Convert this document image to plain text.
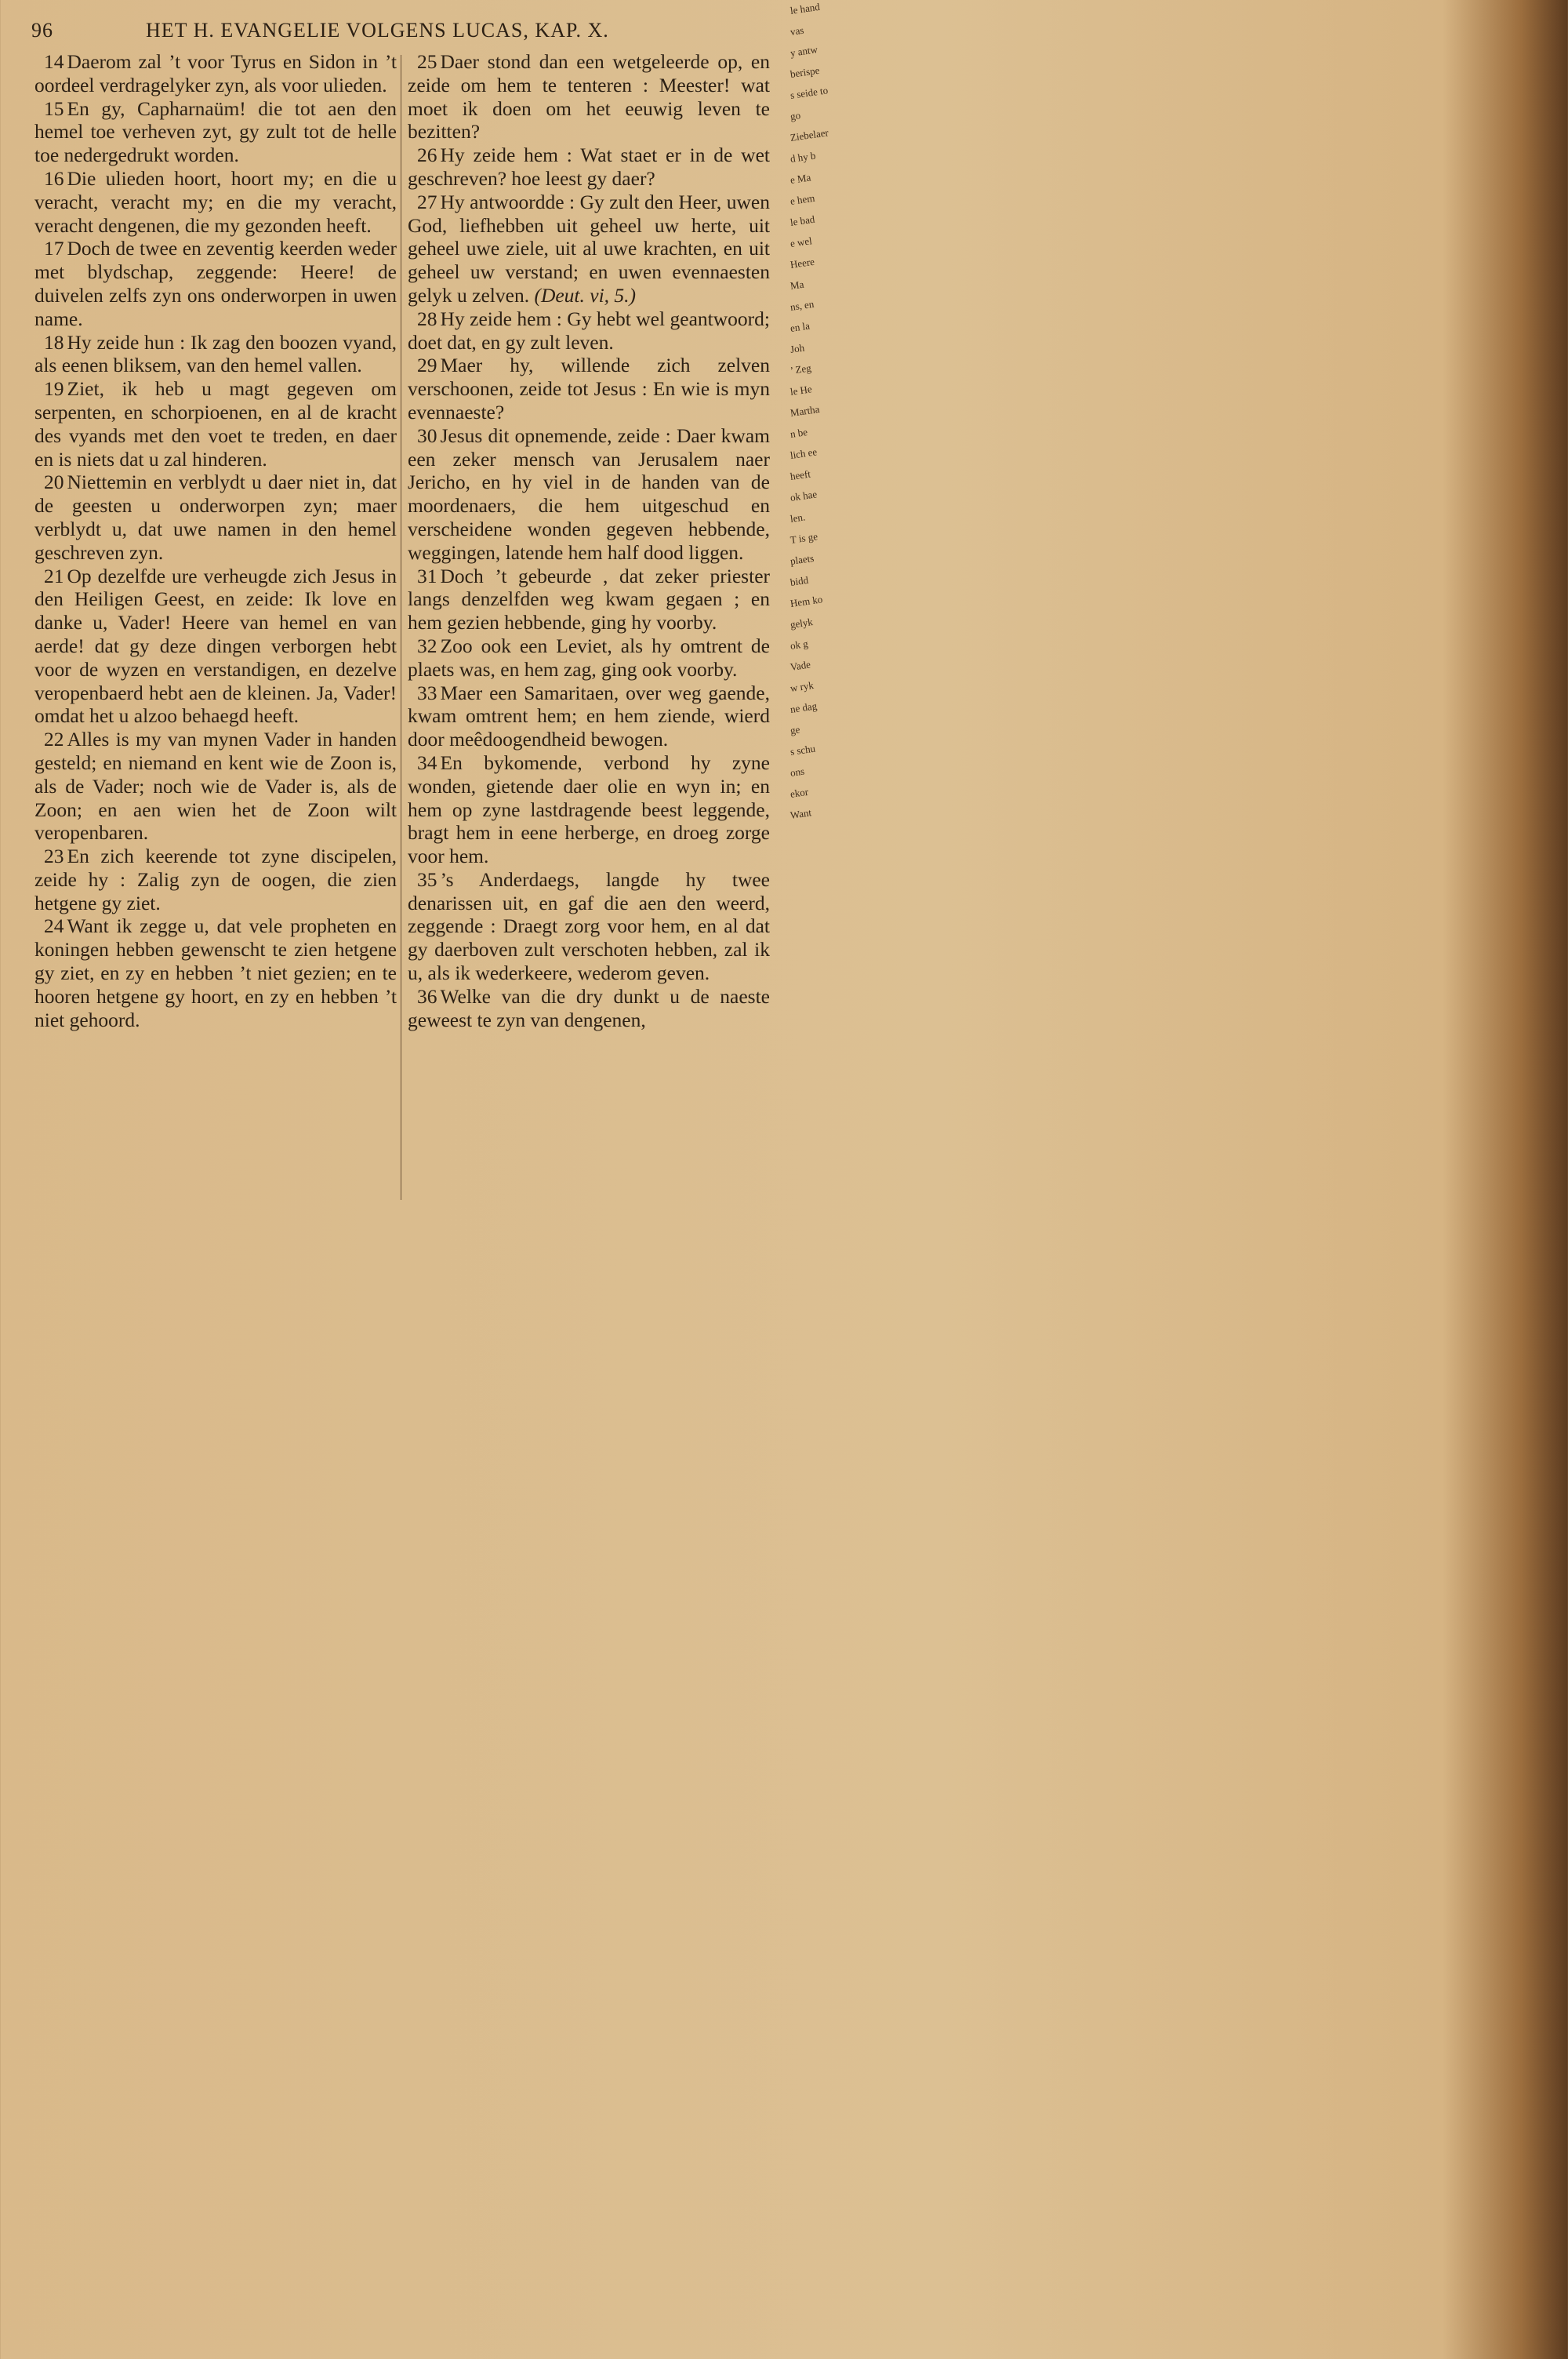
96	HET H. EVANGELIE VOLGENS LUCAS, KAP. X.

14 Daerom zal ’t voor Tyrus en Sidon in ’t oordeel verdragelyker zyn, als voor ulieden.

15 En gy, Capharnaüm! die tot aen den hemel toe verheven zyt, gy zult tot de helle toe nedergedrukt worden.

16 Die ulieden hoort, hoort my; en die u veracht, veracht my; en die my veracht, veracht dengenen, die my gezonden heeft.

17 Doch de twee en zeventig keerden weder met blydschap, zeggende: Heere! de duivelen zelfs zyn ons onderworpen in uwen name.

18 Hy zeide hun : Ik zag den boozen vyand, als eenen bliksem, van den hemel vallen.

19 Ziet, ik heb u magt gegeven om serpenten, en schorpioenen, en al de kracht des vyands met den voet te treden, en daer en is niets dat u zal hinderen.

20 Niettemin en verblydt u daer niet in, dat de geesten u onderworpen zyn; maer verblydt u, dat uwe namen in den hemel geschreven zyn.

21 Op dezelfde ure verheugde zich Jesus in den Heiligen Geest, en zeide: Ik love en danke u, Vader! Heere van hemel en van aerde! dat gy deze dingen verborgen hebt voor de wyzen en verstandigen, en dezelve veropenbaerd hebt aen de kleinen. Ja, Vader! omdat het u alzoo behaegd heeft.

22 Alles is my van mynen Vader in handen gesteld; en niemand en kent wie de Zoon is, als de Vader; noch wie de Vader is, als de Zoon; en aen wien het de Zoon wilt veropenbaren.

23 En zich keerende tot zyne discipelen, zeide hy : Zalig zyn de oogen, die zien hetgene gy ziet.

24 Want ik zegge u, dat vele propheten en koningen hebben gewenscht te zien hetgene gy ziet, en zy en hebben ’t niet gezien; en te hooren hetgene gy hoort, en zy en hebben ’t niet gehoord.

25 Daer stond dan een wetgeleerde op, en zeide om hem te tenteren : Meester! wat moet ik doen om het eeuwig leven te bezitten?

26 Hy zeide hem : Wat staet er in de wet geschreven? hoe leest gy daer?

27 Hy antwoordde : Gy zult den Heer, uwen God, liefhebben uit geheel uw herte, uit geheel uwe ziele, uit al uwe krachten, en uit geheel uw verstand; en uwen evennaesten gelyk u zelven. (Deut. vi, 5.)

28 Hy zeide hem : Gy hebt wel geantwoord; doet dat, en gy zult leven.

29 Maer hy, willende zich zelven verschoonen, zeide tot Jesus : En wie is myn evennaeste?

30 Jesus dit opnemende, zeide : Daer kwam een zeker mensch van Jerusalem naer Jericho, en hy viel in de handen van de moordenaers, die hem uitgeschud en verscheidene wonden gegeven hebbende, weggingen, latende hem half dood liggen.

31 Doch ’t gebeurde , dat zeker priester langs denzelfden weg kwam gegaen ; en hem gezien hebbende, ging hy voorby.

32 Zoo ook een Leviet, als hy omtrent de plaets was, en hem zag, ging ook voorby.

33 Maer een Samaritaen, over weg gaende, kwam omtrent hem; en hem ziende, wierd door meêdoogendheid bewogen.

34 En bykomende, verbond hy zyne wonden, gietende daer olie en wyn in; en hem op zyne lastdragende beest leggende, bragt hem in eene herberge, en droeg zorge voor hem.

35 ’s Anderdaegs, langde hy twee denarissen uit, en gaf die aen den weerd, zeggende : Draegt zorg voor hem, en al dat gy daerboven zult verschoten hebben, zal ik u, als ik wederkeere, wederom geven.

36 Welke van die dry dunkt u de naeste geweest te zyn van dengenen,

le hand
vas
y antw
berispe
s seide to
go
Ziebelaer
d hy b
e Ma
e hem
le bad
e wel
Heere
Ma
ns, en
en la
Joh
’ Zeg
le He
Martha
n be
lich ee
heeft
ok hae
len.
T is ge
plaets
bidd
Hem ko
gelyk
ok g
Vade
w ryk
ne dag
ge
s schu
ons
ekor
Want
